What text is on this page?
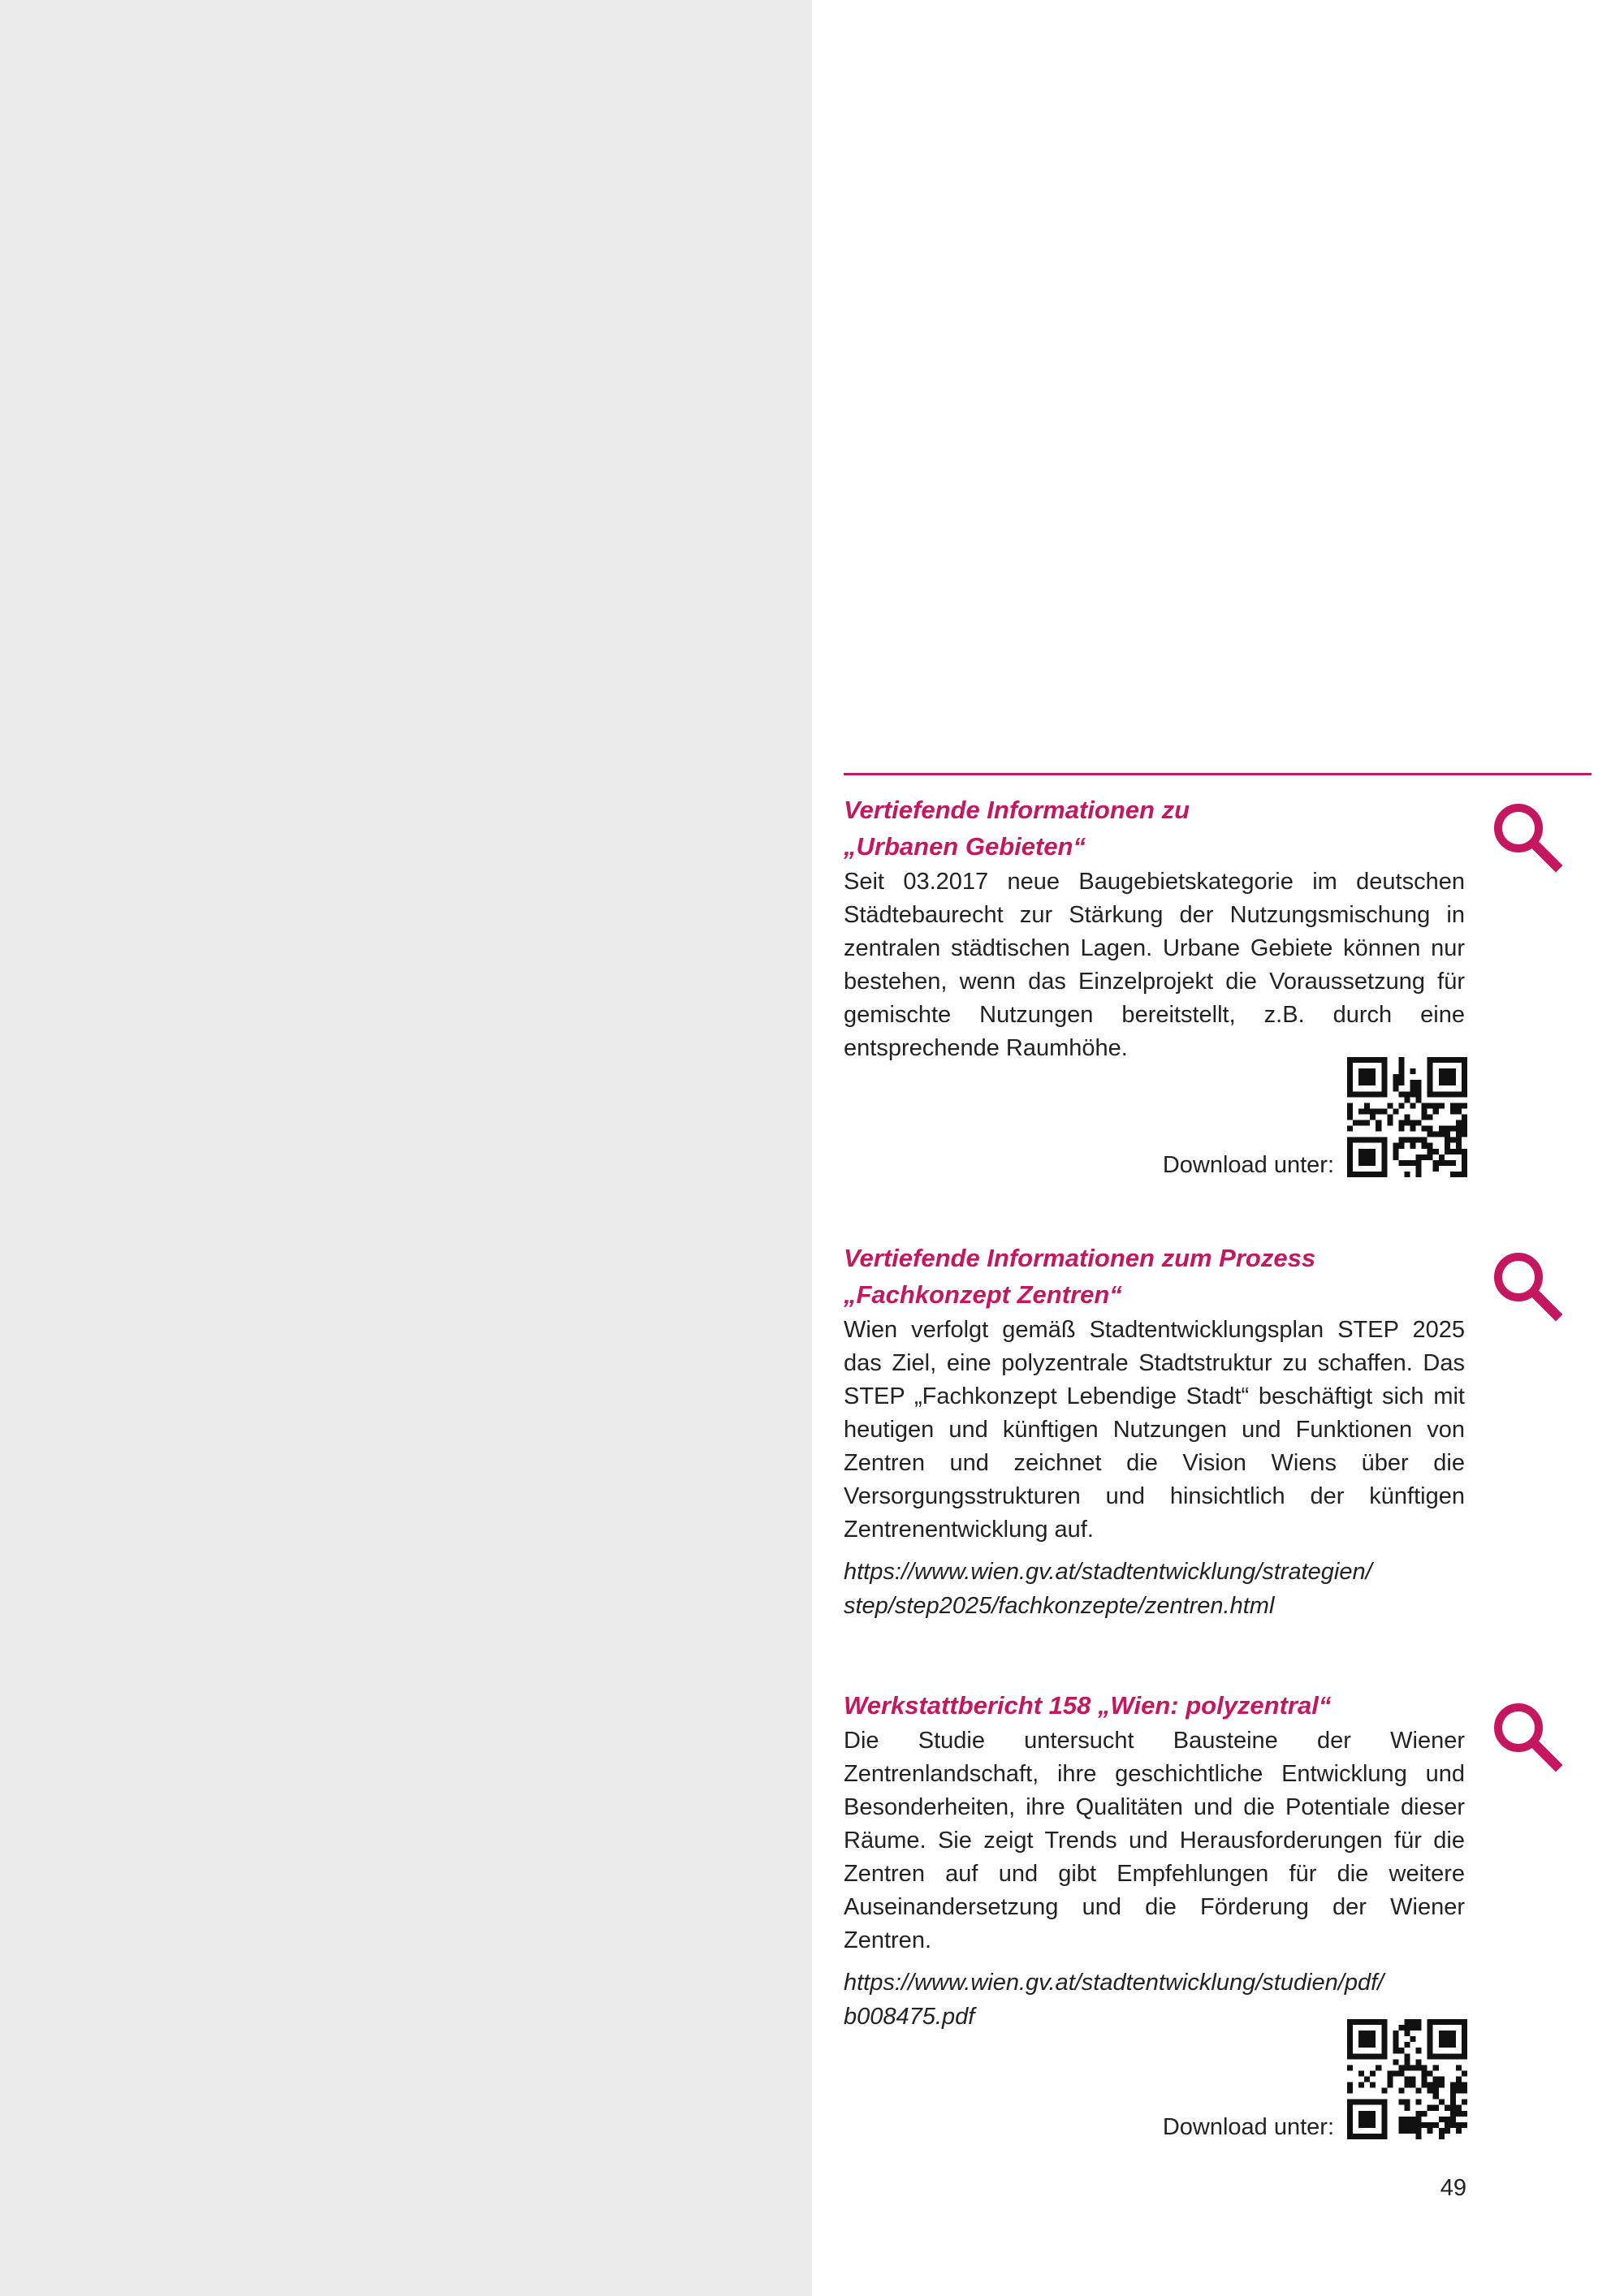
Vertiefende Informationen zu
„Urbanen Gebieten“

Seit 03.2017 neue Baugebietskategorie im deutschen Städtebaurecht zur Stärkung der Nutzungsmischung in zentralen städtischen Lagen. Urbane Gebiete können nur bestehen, wenn das Einzelprojekt die Voraussetzung für gemischte Nutzungen bereitstellt, z.B. durch eine entsprechende Raumhöhe.

Download unter:
Vertiefende Informationen zum Prozess
„Fachkonzept Zentren“

Wien verfolgt gemäß Stadtentwicklungsplan STEP 2025 das Ziel, eine polyzentrale Stadtstruktur zu schaffen. Das STEP „Fachkonzept Lebendige Stadt“ beschäftigt sich mit heutigen und künftigen Nutzungen und Funktionen von Zentren und zeichnet die Vision Wiens über die Versorgungsstrukturen und hinsichtlich der künftigen Zentrenentwicklung auf.

https://www.wien.gv.at/stadtentwicklung/strategien/
step/step2025/fachkonzepte/zentren.html

Werkstattbericht 158 „Wien: polyzentral“

Die Studie untersucht Bausteine der Wiener Zentrenlandschaft, ihre geschichtliche Entwicklung und Besonderheiten, ihre Qualitäten und die Potentiale dieser Räume. Sie zeigt Trends und Herausforderungen für die Zentren auf und gibt Empfehlungen für die weitere Auseinandersetzung und die Förderung der Wiener Zentren.

https://www.wien.gv.at/stadtentwicklung/studien/pdf/
b008475.pdf

Download unter:
49
